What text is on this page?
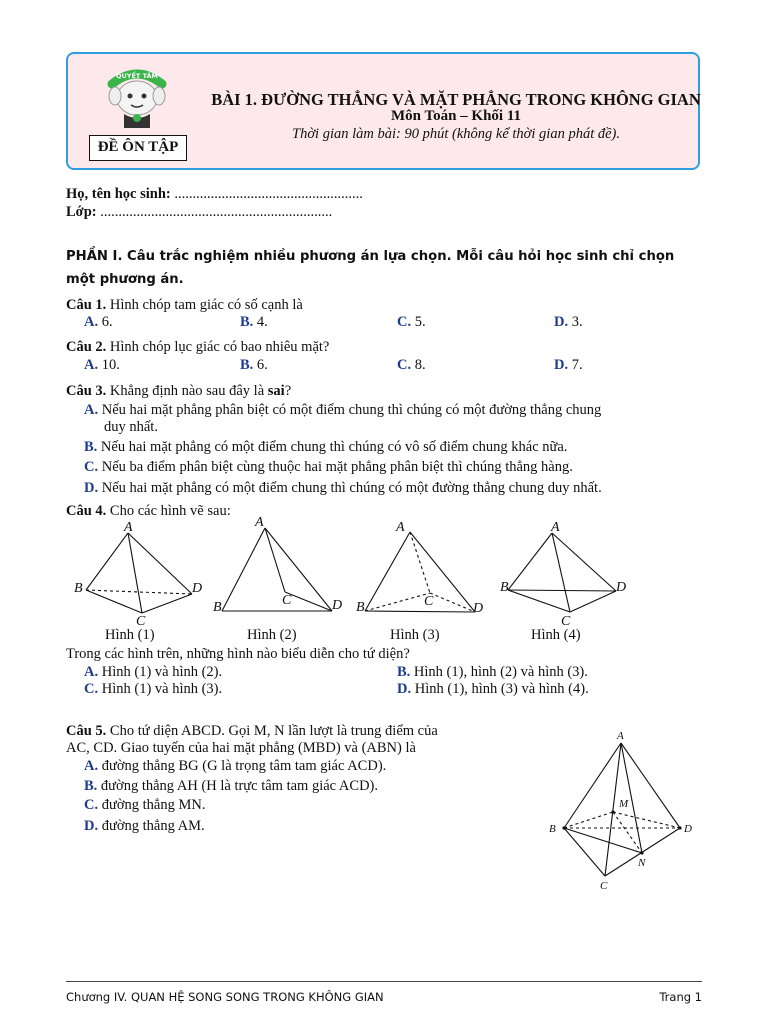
QUYẾT TÂM
ĐỀ ÔN TẬP
BÀI 1. ĐƯỜNG THẲNG VÀ MẶT PHẲNG TRONG KHÔNG GIAN
Môn Toán – Khối 11
Thời gian làm bài: 90 phút (không kể thời gian phát đề).
Họ, tên học sinh: ....................................................
Lớp: ................................................................
PHẦN I. Câu trắc nghiệm nhiều phương án lựa chọn. Mỗi câu hỏi học sinh chỉ chọn một phương án.
Câu 1. Hình chóp tam giác có số cạnh là
A. 6.	B. 4.	C. 5.	D. 3.
Câu 2. Hình chóp lục giác có bao nhiêu mặt?
A. 10.	B. 6.	C. 8.	D. 7.
Câu 3. Khẳng định nào sau đây là sai?
A. Nếu hai mặt phẳng phân biệt có một điểm chung thì chúng có một đường thẳng chung
duy nhất.
B. Nếu hai mặt phẳng có một điểm chung thì chúng có vô số điểm chung khác nữa.
C. Nếu ba điểm phân biệt cùng thuộc hai mặt phẳng phân biệt thì chúng thẳng hàng.
D. Nếu hai mặt phẳng có một điểm chung thì chúng có một đường thẳng chung duy nhất.
Câu 4. Cho các hình vẽ sau:
A
B
C
D
A
B	C	D
A
B	C	D
A
B
C
D
Hình (1)	Hình (2)	Hình (3)	Hình (4)
Trong các hình trên, những hình nào biểu diễn cho tứ diện?
A. Hình (1) và hình (2).	B. Hình (1), hình (2) và hình (3).
C. Hình (1) và hình (3).	D. Hình (1), hình (3) và hình (4).
Câu 5. Cho tứ diện ABCD. Gọi M, N lần lượt là trung điểm của
AC, CD. Giao tuyến của hai mặt phẳng (MBD) và (ABN) là
A. đường thẳng BG (G là trọng tâm tam giác ACD).
B. đường thẳng AH (H là trực tâm tam giác ACD).
C. đường thẳng MN.
D. đường thẳng AM.
A
B
C
D
M
N
Chương IV. QUAN HỆ SONG SONG TRONG KHÔNG GIAN	Trang 1
